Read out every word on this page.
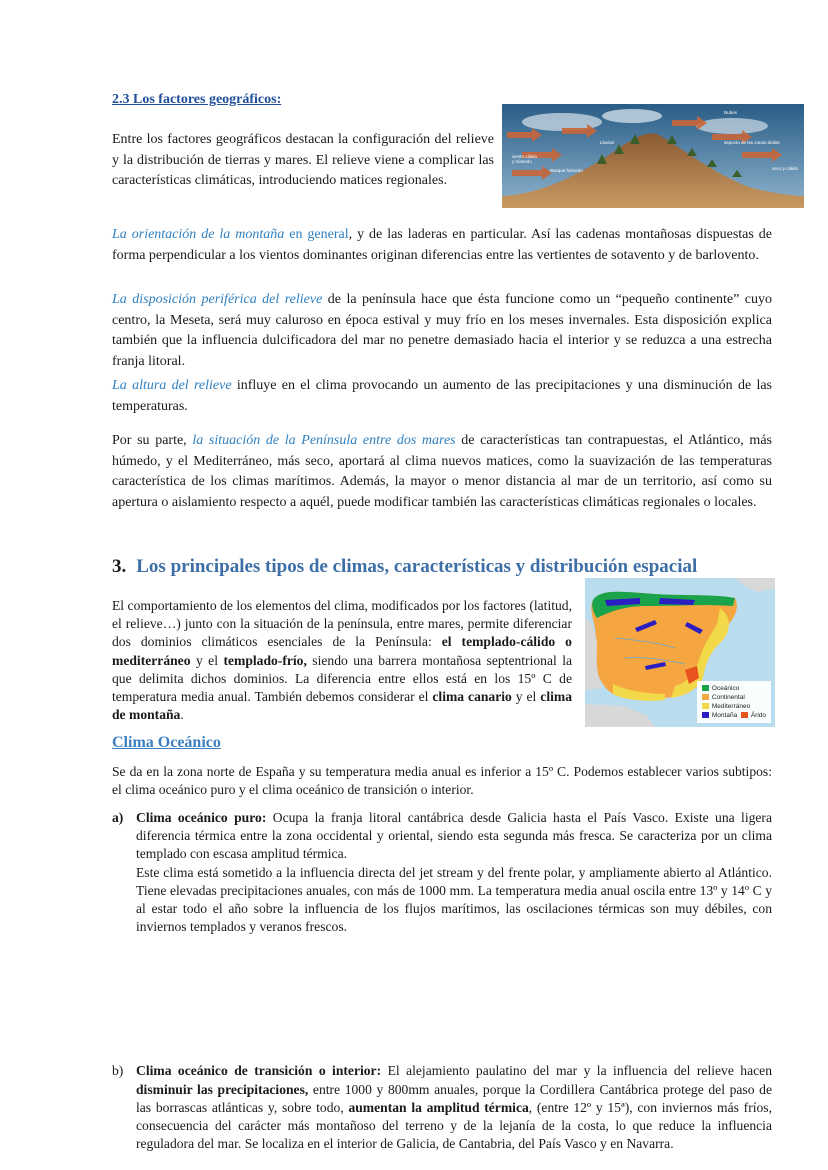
2.3 Los factores geográficos:
viento cálido y húmedo
Bosque húmedo
Lluvias
Nubes
aspecto de las zonas áridas
seco y cálido

Entre los factores geográficos destacan la configuración del relieve y la distribución de tierras y mares. El relieve viene a complicar las características climáticas, introduciendo matices regionales.

La orientación de la montaña en general, y de las laderas en particular. Así las cadenas montañosas dispuestas de forma perpendicular a los vientos dominantes originan diferencias entre las vertientes de sotavento y de barlovento.

La disposición periférica del relieve de la península hace que ésta funcione como un “pequeño continente” cuyo centro, la Meseta, será muy caluroso en época estival y muy frío en los meses invernales. Esta disposición explica también que la influencia dulcificadora del mar no penetre demasiado hacia el interior y se reduzca a una estrecha franja litoral.

La altura del relieve influye en el clima provocando un aumento de las precipitaciones y una disminución de las temperaturas.

Por su parte, la situación de la Península entre dos mares de características tan contrapuestas, el Atlántico, más húmedo, y el Mediterráneo, más seco, aportará al clima nuevos matices, como la suavización de las temperaturas característica de los climas marítimos. Además, la mayor o menor distancia al mar de un territorio, así como su apertura o aislamiento respecto a aquél, puede modificar también las características climáticas regionales o locales.

3. Los principales tipos de climas, características y distribución espacial

El comportamiento de los elementos del clima, modificados por los factores (latitud, el relieve…) junto con la situación de la península, entre mares, permite diferenciar dos dominios climáticos esenciales de la Península: el templado-cálido o mediterráneo y el templado-frío, siendo una barrera montañosa septentrional la que delimita dichos dominios. La diferencia entre ellos está en los 15º C de temperatura media anual. También debemos considerar el clima canario y el clima de montaña.

Oceánico
Continental
Mediterráneo
Montaña Árido
Clima Oceánico

Se da en la zona norte de España y su temperatura media anual es inferior a 15º C. Podemos establecer varios subtipos: el clima oceánico puro y el clima oceánico de transición o interior.

a) Clima oceánico puro: Ocupa la franja litoral cantábrica desde Galicia hasta el País Vasco. Existe una ligera diferencia térmica entre la zona occidental y oriental, siendo esta segunda más fresca. Se caracteriza por un clima templado con escasa amplitud térmica.

Este clima está sometido a la influencia directa del jet stream y del frente polar, y ampliamente abierto al Atlántico. Tiene elevadas precipitaciones anuales, con más de 1000 mm. La temperatura media anual oscila entre 13º y 14º C y al estar todo el año sobre la influencia de los flujos marítimos, las oscilaciones térmicas son muy débiles, con inviernos templados y veranos frescos.

b) Clima oceánico de transición o interior: El alejamiento paulatino del mar y la influencia del relieve hacen disminuir las precipitaciones, entre 1000 y 800mm anuales, porque la Cordillera Cantábrica protege del paso de las borrascas atlánticas y, sobre todo, aumentan la amplitud térmica, (entre 12º y 15ª), con inviernos más fríos, consecuencia del carácter más montañoso del terreno y de la lejanía de la costa, lo que reduce la influencia reguladora del mar. Se localiza en el interior de Galicia, de Cantabria, del País Vasco y en Navarra.
